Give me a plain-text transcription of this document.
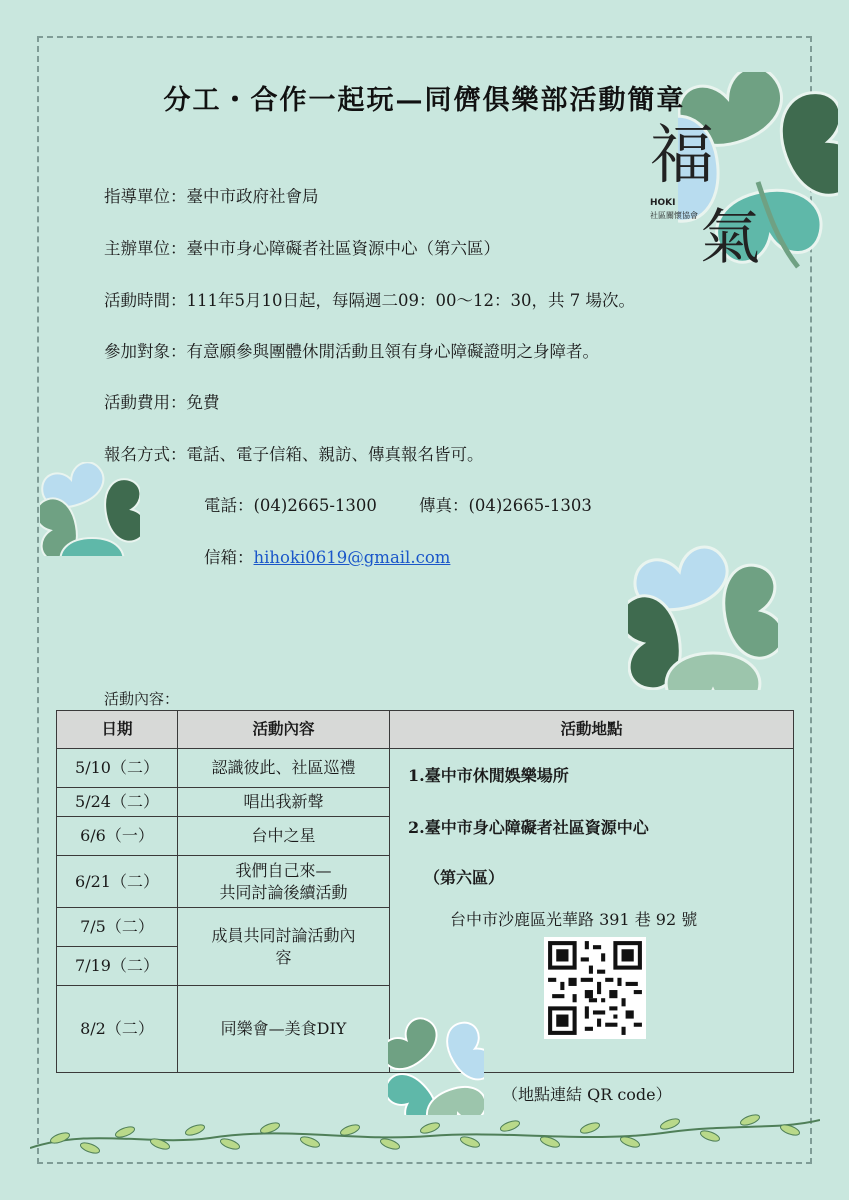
福
HOKI
社區關懷協會 氣
分工・合作一起玩—同儕俱樂部活動簡章
指導單位：臺中市政府社會局
主辦單位：臺中市身心障礙者社區資源中心（第六區）
活動時間：111年5月10日起，每隔週二09：00～12：30，共 7 場次。
參加對象：有意願參與團體休閒活動且領有身心障礙證明之身障者。
活動費用：免費
報名方式：電話、電子信箱、親訪、傳真報名皆可。
電話：(04)2665-1300	傳真：(04)2665-1303
信箱：hihoki0619@gmail.com
活動內容：
日期	活動內容	活動地點
5/10（二）	認識彼此、社區巡禮	1.臺中市休閒娛樂場所
2.臺中市身心障礙者社區資源中心
（第六區）
台中市沙鹿區光華路 391 巷 92 號
（地點連結 QR code）

5/24（二）	唱出我新聲	
6/6（一）	台中之星	
6/21（二）	我們自己來—
共同討論後續活動	

7/5（二）	成員共同討論活動內
容	

7/19（二）		
8/2（二）	同樂會—美食DIY	
